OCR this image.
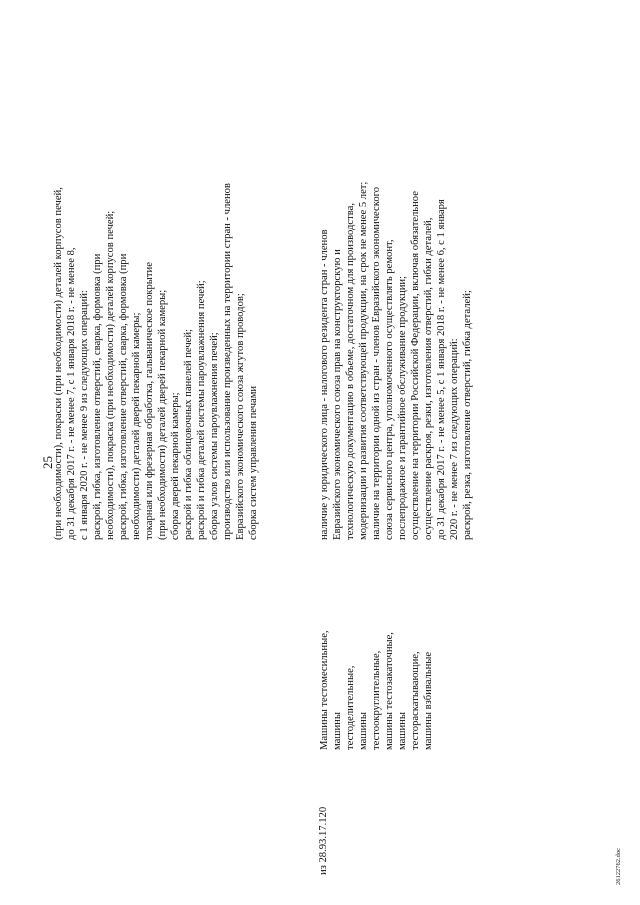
25
(при необходимости), покраски (при необходимости) деталей корпусов печей, до 31 декабря 2017 г. - не менее 7, с 1 января 2018 г. - не менее 8, с 1 января 2020 г. - не менее 9 из следующих операций: раскрой, гибка, изготовление отверстий, сварка, формовка (при необходимости), покраска (при необходимости) деталей корпусов печей; раскрой, гибка, изготовление отверстий, сварка, формовка (при необходимости) деталей дверей пекарной камеры; токарная или фрезерная обработка, гальваническое покрытие (при необходимости) деталей дверей пекарной камеры; сборка дверей пекарной камеры; раскрой и гибка облицовочных панелей печей; раскрой и гибка деталей системы пароувлажнения печей; сборка узлов системы пароувлажнения печей; производство или использование произведенных на территории стран - членов Евразийского экономического союза жгутов проводов; сборка систем управления печами
из 28.93.17.120
Машины тестомесильные, машины тестоделительные, машины тестоокруглительные, машины тестозакаточные, машины тестораскатывающие, машины взбивальные
наличие у юридического лица - налогового резидента стран - членов Евразийского экономического союза прав на конструкторскую и технологическую документацию в объеме, достаточном для производства, модернизации и развития соответствующей продукции, на срок не менее 5 лет; наличие на территории одной из стран - членов Евразийского экономического союза сервисного центра, уполномоченного осуществлять ремонт, послепродажное и гарантийное обслуживание продукции; осуществление на территории Российской Федерации, включая обязательное осуществление раскроя, резки, изготовления отверстий, гибки деталей, до 31 декабря 2017 г. - не менее 5, с 1 января 2018 г. - не менее 6, с 1 января 2020 г. - не менее 7 из следующих операций: раскрой, резка, изготовление отверстий, гибка деталей;
26122762.doc
